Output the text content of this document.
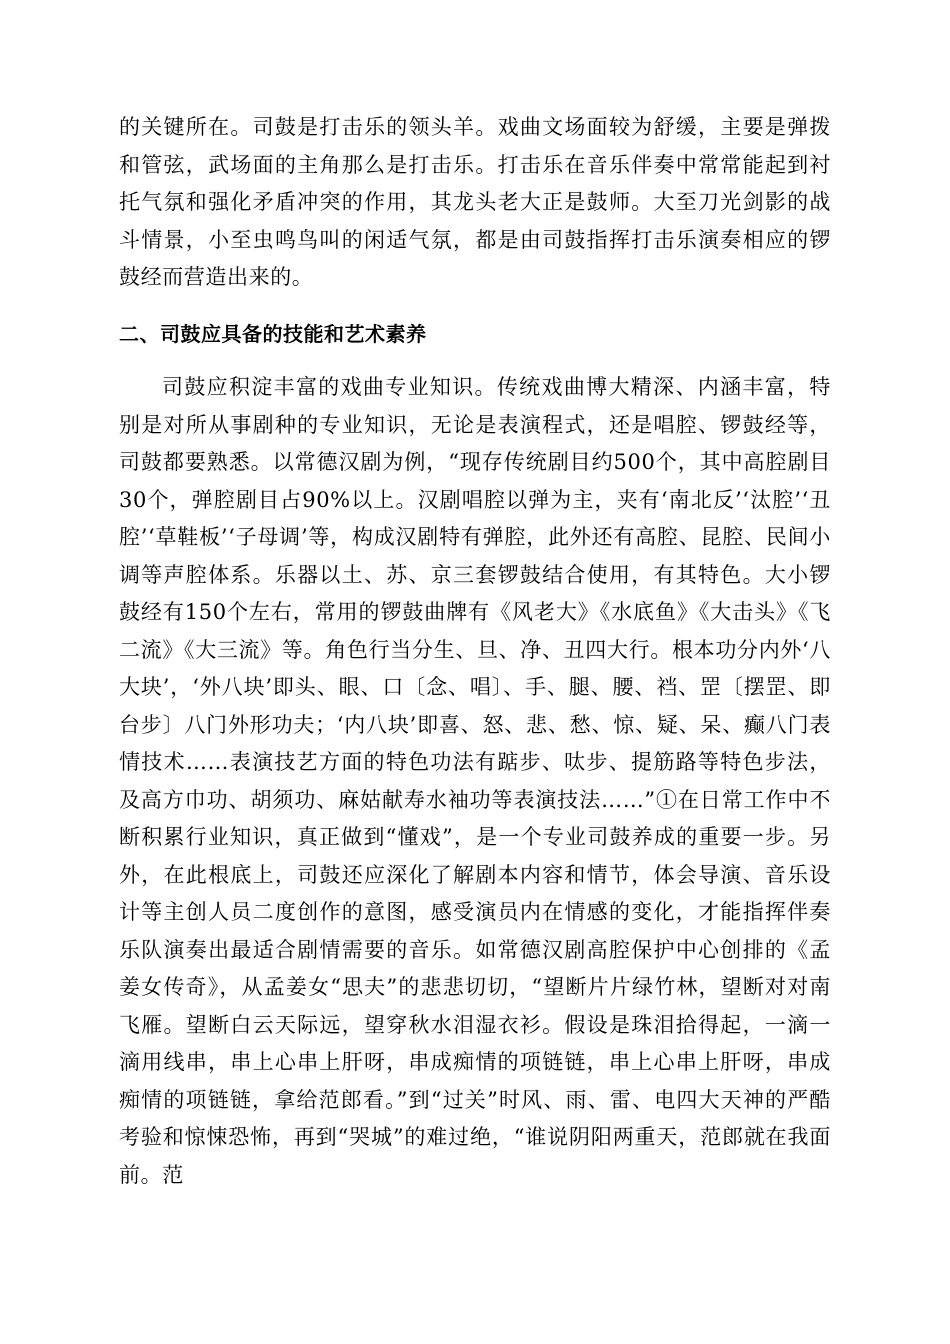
的关键所在。司鼓是打击乐的领头羊。戏曲文场面较为舒缓，主要是弹拨和管弦，武场面的主角那么是打击乐。打击乐在音乐伴奏中常常能起到衬托气氛和强化矛盾冲突的作用，其龙头老大正是鼓师。大至刀光剑影的战斗情景，小至虫鸣鸟叫的闲适气氛，都是由司鼓指挥打击乐演奏相应的锣鼓经而营造出来的。

二、司鼓应具备的技能和艺术素养

司鼓应积淀丰富的戏曲专业知识。传统戏曲博大精深、内涵丰富，特别是对所从事剧种的专业知识，无论是表演程式，还是唱腔、锣鼓经等，司鼓都要熟悉。以常德汉剧为例，“现存传统剧目约500个，其中高腔剧目30个，弹腔剧目占90%以上。汉剧唱腔以弹为主，夹有‘南北反’‘汰腔’‘丑腔’‘草鞋板’‘子母调’等，构成汉剧特有弹腔，此外还有高腔、昆腔、民间小调等声腔体系。乐器以土、苏、京三套锣鼓结合使用，有其特色。大小锣鼓经有150个左右，常用的锣鼓曲牌有《风老大》《水底鱼》《大击头》《飞二流》《大三流》等。角色行当分生、旦、净、丑四大行。根本功分内外‘八大块’，‘外八块’即头、眼、口〔念、唱〕、手、腿、腰、裆、罡〔摆罡、即台步〕八门外形功夫；‘内八块’即喜、怒、悲、愁、惊、疑、呆、癫八门表情技术……表演技艺方面的特色功法有踮步、呔步、提筋路等特色步法，及高方巾功、胡须功、麻姑献寿水袖功等表演技法……”①在日常工作中不断积累行业知识，真正做到“懂戏”，是一个专业司鼓养成的重要一步。另外，在此根底上，司鼓还应深化了解剧本内容和情节，体会导演、音乐设计等主创人员二度创作的意图，感受演员内在情感的变化，才能指挥伴奏乐队演奏出最适合剧情需要的音乐。如常德汉剧高腔保护中心创排的《孟姜女传奇》，从孟姜女“思夫”的悲悲切切，“望断片片绿竹林，望断对对南飞雁。望断白云天际远，望穿秋水泪湿衣衫。假设是珠泪拾得起，一滴一滴用线串，串上心串上肝呀，串成痴情的项链链，串上心串上肝呀，串成痴情的项链链，拿给范郎看。”到“过关”时风、雨、雷、电四大天神的严酷考验和惊悚恐怖，再到“哭城”的难过绝，“谁说阴阳两重天，范郎就在我面前。范
